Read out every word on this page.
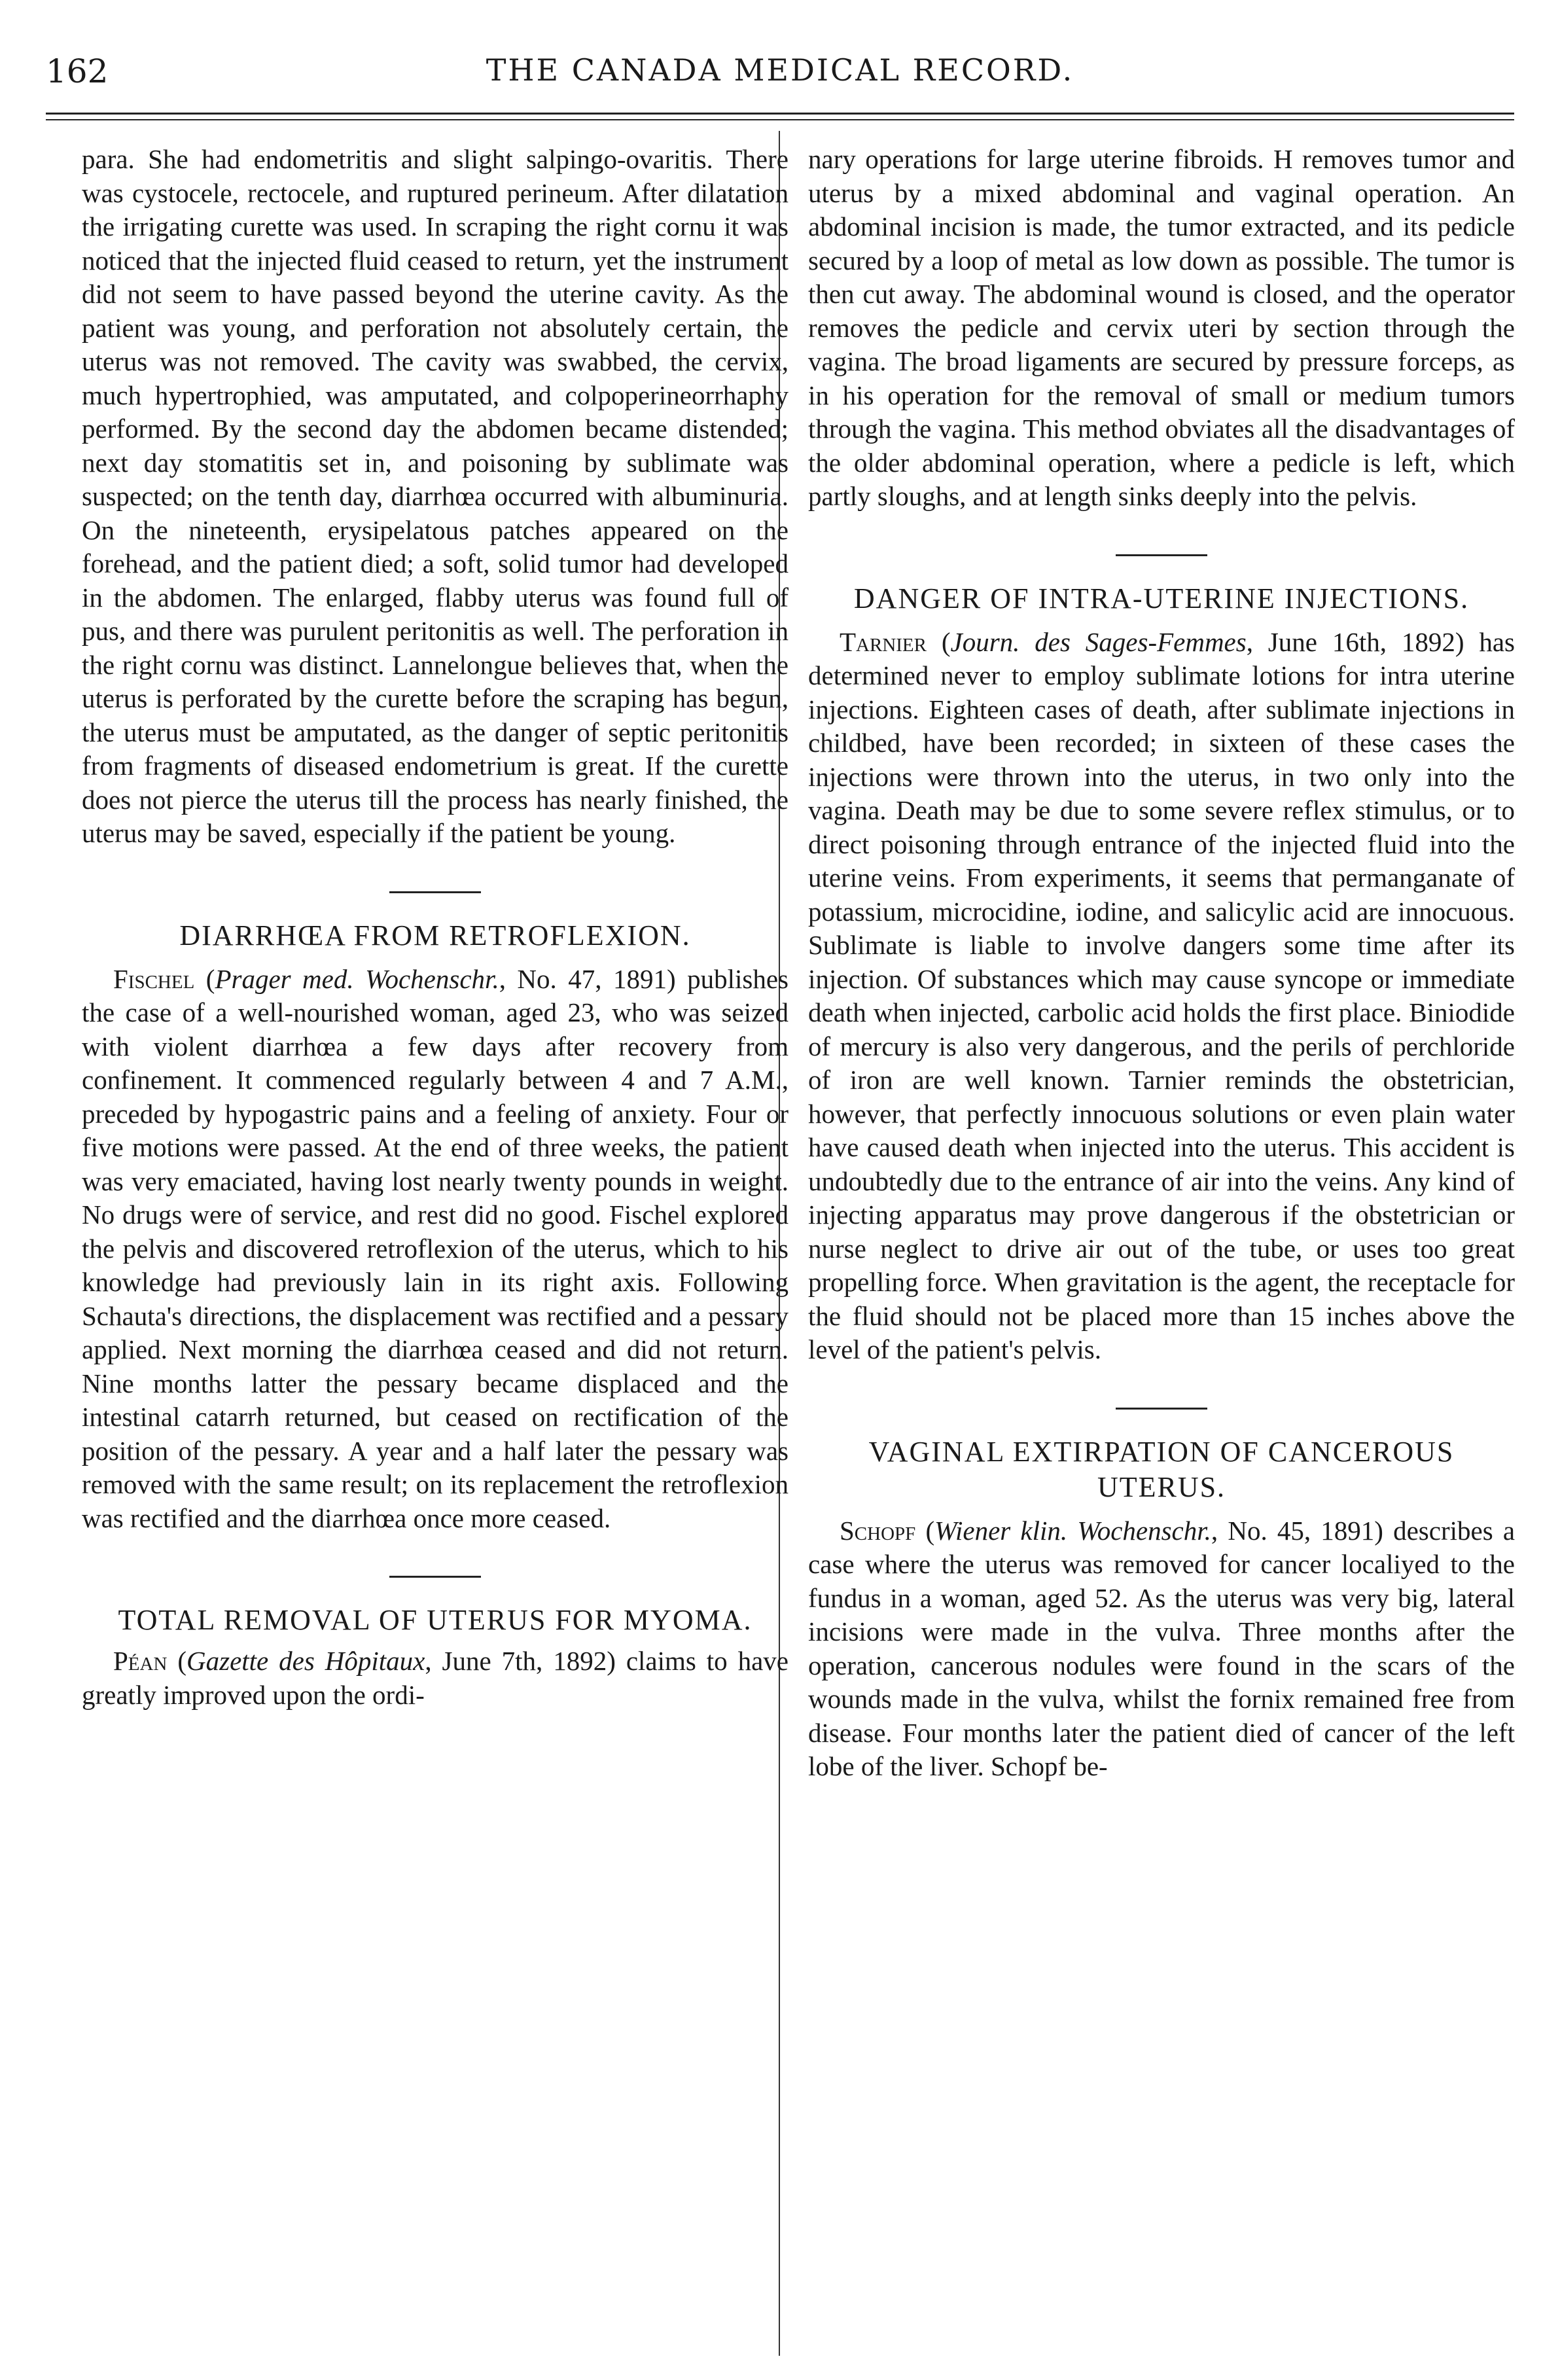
162	THE CANADA MEDICAL RECORD.

para. She had endometritis and slight salpingo-ovaritis. There was cystocele, rectocele, and ruptured perineum. After dilatation the irrigating curette was used. In scraping the right cornu it was noticed that the injected fluid ceased to return, yet the instrument did not seem to have passed beyond the uterine cavity. As the patient was young, and perforation not absolutely certain, the uterus was not removed. The cavity was swabbed, the cervix, much hypertrophied, was amputated, and colpoperineorrhaphy performed. By the second day the abdomen became distended; next day stomatitis set in, and poisoning by sublimate was suspected; on the tenth day, diarrhœa occurred with albuminuria. On the nineteenth, erysipelatous patches appeared on the forehead, and the patient died; a soft, solid tumor had developed in the abdomen. The enlarged, flabby uterus was found full of pus, and there was purulent peritonitis as well. The perforation in the right cornu was distinct. Lannelongue believes that, when the uterus is perforated by the curette before the scraping has begun, the uterus must be amputated, as the danger of septic peritonitis from fragments of diseased endometrium is great. If the curette does not pierce the uterus till the process has nearly finished, the uterus may be saved, especially if the patient be young.

DIARRHŒA FROM RETROFLEXION.

Fischel (Prager med. Wochenschr., No. 47, 1891) publishes the case of a well-nourished woman, aged 23, who was seized with violent diarrhœa a few days after recovery from confinement. It commenced regularly between 4 and 7 A.M., preceded by hypogastric pains and a feeling of anxiety. Four or five motions were passed. At the end of three weeks, the patient was very emaciated, having lost nearly twenty pounds in weight. No drugs were of service, and rest did no good. Fischel explored the pelvis and discovered retroflexion of the uterus, which to his knowledge had previously lain in its right axis. Following Schauta's directions, the displacement was rectified and a pessary applied. Next morning the diarrhœa ceased and did not return. Nine months latter the pessary became displaced and the intestinal catarrh returned, but ceased on rectification of the position of the pessary. A year and a half later the pessary was removed with the same result; on its replacement the retroflexion was rectified and the diarrhœa once more ceased.

TOTAL REMOVAL OF UTERUS FOR MYOMA.

Péan (Gazette des Hôpitaux, June 7th, 1892) claims to have greatly improved upon the ordi-

nary operations for large uterine fibroids. H removes tumor and uterus by a mixed abdominal and vaginal operation. An abdominal incision is made, the tumor extracted, and its pedicle secured by a loop of metal as low down as possible. The tumor is then cut away. The abdominal wound is closed, and the operator removes the pedicle and cervix uteri by section through the vagina. The broad ligaments are secured by pressure forceps, as in his operation for the removal of small or medium tumors through the vagina. This method obviates all the disadvantages of the older abdominal operation, where a pedicle is left, which partly sloughs, and at length sinks deeply into the pelvis.

DANGER OF INTRA-UTERINE INJECTIONS.

Tarnier (Journ. des Sages-Femmes, June 16th, 1892) has determined never to employ sublimate lotions for intra uterine injections. Eighteen cases of death, after sublimate injections in childbed, have been recorded; in sixteen of these cases the injections were thrown into the uterus, in two only into the vagina. Death may be due to some severe reflex stimulus, or to direct poisoning through entrance of the injected fluid into the uterine veins. From experiments, it seems that permanganate of potassium, microcidine, iodine, and salicylic acid are innocuous. Sublimate is liable to involve dangers some time after its injection. Of substances which may cause syncope or immediate death when injected, carbolic acid holds the first place. Biniodide of mercury is also very dangerous, and the perils of perchloride of iron are well known. Tarnier reminds the obstetrician, however, that perfectly innocuous solutions or even plain water have caused death when injected into the uterus. This accident is undoubtedly due to the entrance of air into the veins. Any kind of injecting apparatus may prove dangerous if the obstetrician or nurse neglect to drive air out of the tube, or uses too great propelling force. When gravitation is the agent, the receptacle for the fluid should not be placed more than 15 inches above the level of the patient's pelvis.

VAGINAL EXTIRPATION OF CANCEROUS UTERUS.

Schopf (Wiener klin. Wochenschr., No. 45, 1891) describes a case where the uterus was removed for cancer localiyed to the fundus in a woman, aged 52. As the uterus was very big, lateral incisions were made in the vulva. Three months after the operation, cancerous nodules were found in the scars of the wounds made in the vulva, whilst the fornix remained free from disease. Four months later the patient died of cancer of the left lobe of the liver. Schopf be-
